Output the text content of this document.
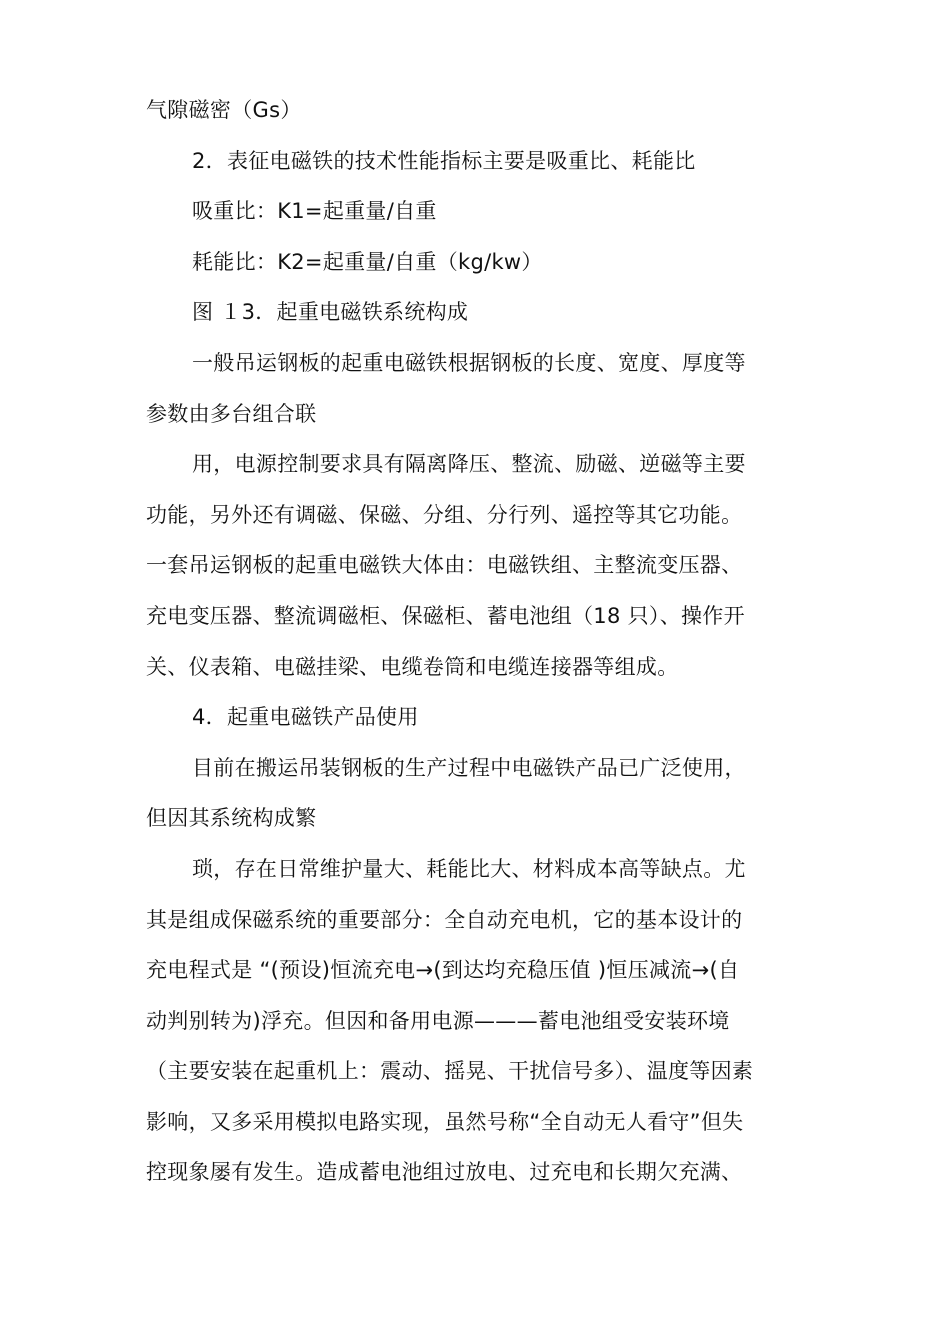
气隙磁密（Gs）

2．表征电磁铁的技术性能指标主要是吸重比、耗能比

吸重比：K1=起重量/自重

耗能比：K2=起重量/自重（kg/kw）

图 １3．起重电磁铁系统构成

一般吊运钢板的起重电磁铁根据钢板的长度、宽度、厚度等

参数由多台组合联

用，电源控制要求具有隔离降压、整流、励磁、逆磁等主要

功能，另外还有调磁、保磁、分组、分行列、遥控等其它功能。

一套吊运钢板的起重电磁铁大体由：电磁铁组、主整流变压器、

充电变压器、整流调磁柜、保磁柜、蓄电池组（18 只）、操作开

关、仪表箱、电磁挂梁、电缆卷筒和电缆连接器等组成。

4．起重电磁铁产品使用

目前在搬运吊装钢板的生产过程中电磁铁产品已广泛使用，

但因其系统构成繁

琐，存在日常维护量大、耗能比大、材料成本高等缺点。尤

其是组成保磁系统的重要部分：全自动充电机，它的基本设计的

充电程式是 “(预设)恒流充电→(到达均充稳压值 )恒压减流→(自

动判别转为)浮充。但因和备用电源———蓄电池组受安装环境

（主要安装在起重机上：震动、摇晃、干扰信号多）、温度等因素

影响，又多采用模拟电路实现，虽然号称“全自动无人看守”但失

控现象屡有发生。造成蓄电池组过放电、过充电和长期欠充满、
